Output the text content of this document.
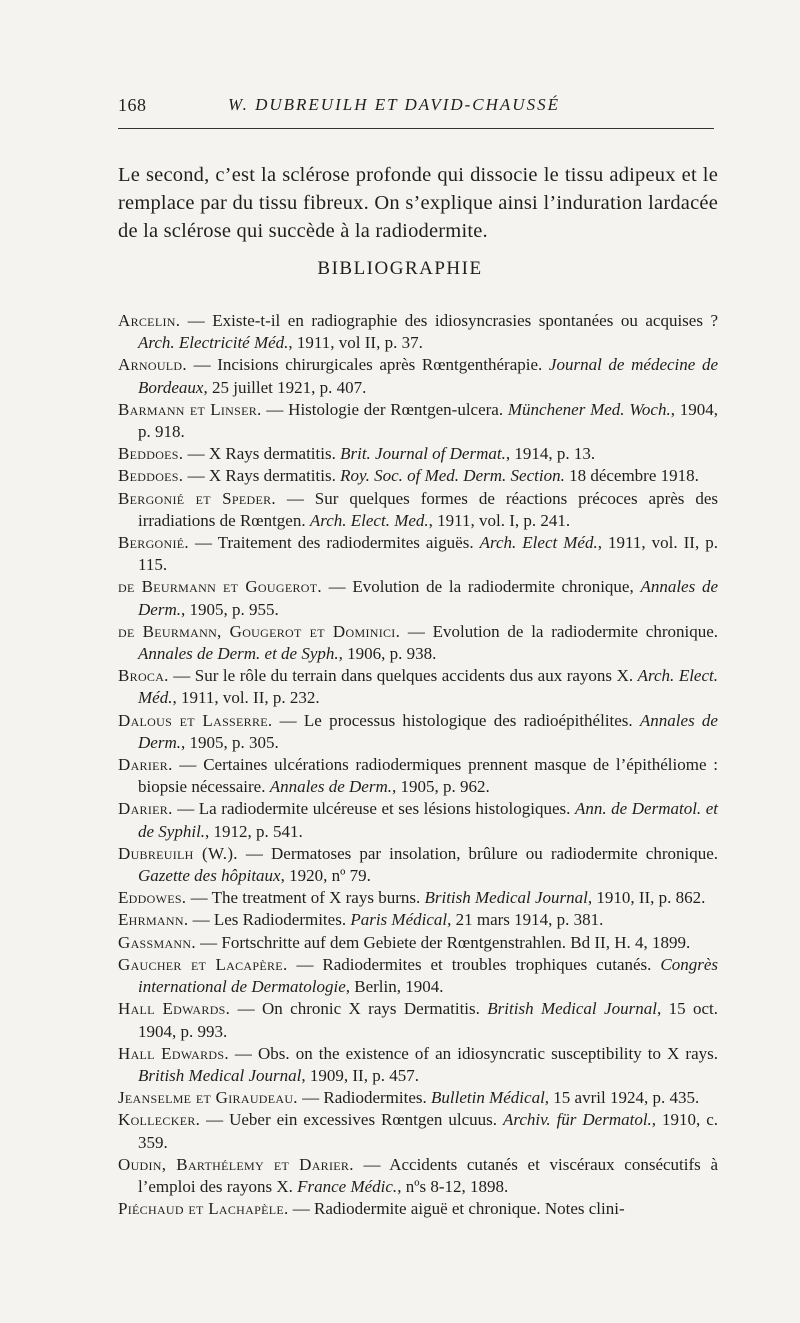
168	W. DUBREUILH ET DAVID-CHAUSSÉ

Le second, c’est la sclérose profonde qui dissocie le tissu adipeux et le remplace par du tissu fibreux. On s’explique ainsi l’induration lardacée de la sclérose qui succède à la radiodermite.

BIBLIOGRAPHIE

Arcelin. — Existe-t-il en radiographie des idiosyncrasies spontanées ou acquises ? Arch. Electricité Méd., 1911, vol II, p. 37.

Arnould. — Incisions chirurgicales après Rœntgenthérapie. Journal de médecine de Bordeaux, 25 juillet 1921, p. 407.

Barmann et Linser. — Histologie der Rœntgen-ulcera. Münchener Med. Woch., 1904, p. 918.

Beddoes. — X Rays dermatitis. Brit. Journal of Dermat., 1914, p. 13.

Beddoes. — X Rays dermatitis. Roy. Soc. of Med. Derm. Section. 18 décembre 1918.

Bergonié et Speder. — Sur quelques formes de réactions précoces après des irradiations de Rœntgen. Arch. Elect. Med., 1911, vol. I, p. 241.

Bergonié. — Traitement des radiodermites aiguës. Arch. Elect Méd., 1911, vol. II, p. 115.

de Beurmann et Gougerot. — Evolution de la radiodermite chronique, Annales de Derm., 1905, p. 955.

de Beurmann, Gougerot et Dominici. — Evolution de la radiodermite chronique. Annales de Derm. et de Syph., 1906, p. 938.

Broca. — Sur le rôle du terrain dans quelques accidents dus aux rayons X. Arch. Elect. Méd., 1911, vol. II, p. 232.

Dalous et Lasserre. — Le processus histologique des radioépithélites. Annales de Derm., 1905, p. 305.

Darier. — Certaines ulcérations radiodermiques prennent masque de l’épithéliome : biopsie nécessaire. Annales de Derm., 1905, p. 962.

Darier. — La radiodermite ulcéreuse et ses lésions histologiques. Ann. de Dermatol. et de Syphil., 1912, p. 541.

Dubreuilh (W.). — Dermatoses par insolation, brûlure ou radiodermite chronique. Gazette des hôpitaux, 1920, nº 79.

Eddowes. — The treatment of X rays burns. British Medical Journal, 1910, II, p. 862.

Ehrmann. — Les Radiodermites. Paris Médical, 21 mars 1914, p. 381.

Gassmann. — Fortschritte auf dem Gebiete der Rœntgenstrahlen. Bd II, H. 4, 1899.

Gaucher et Lacapère. — Radiodermites et troubles trophiques cutanés. Congrès international de Dermatologie, Berlin, 1904.

Hall Edwards. — On chronic X rays Dermatitis. British Medical Journal, 15 oct. 1904, p. 993.

Hall Edwards. — Obs. on the existence of an idiosyncratic susceptibility to X rays. British Medical Journal, 1909, II, p. 457.

Jeanselme et Giraudeau. — Radiodermites. Bulletin Médical, 15 avril 1924, p. 435.

Kollecker. — Ueber ein excessives Rœntgen ulcuus. Archiv. für Dermatol., 1910, c. 359.

Oudin, Barthélemy et Darier. — Accidents cutanés et viscéraux consécutifs à l’emploi des rayons X. France Médic., nºs 8-12, 1898.

Piéchaud et Lachapèle. — Radiodermite aiguë et chronique. Notes clini-
